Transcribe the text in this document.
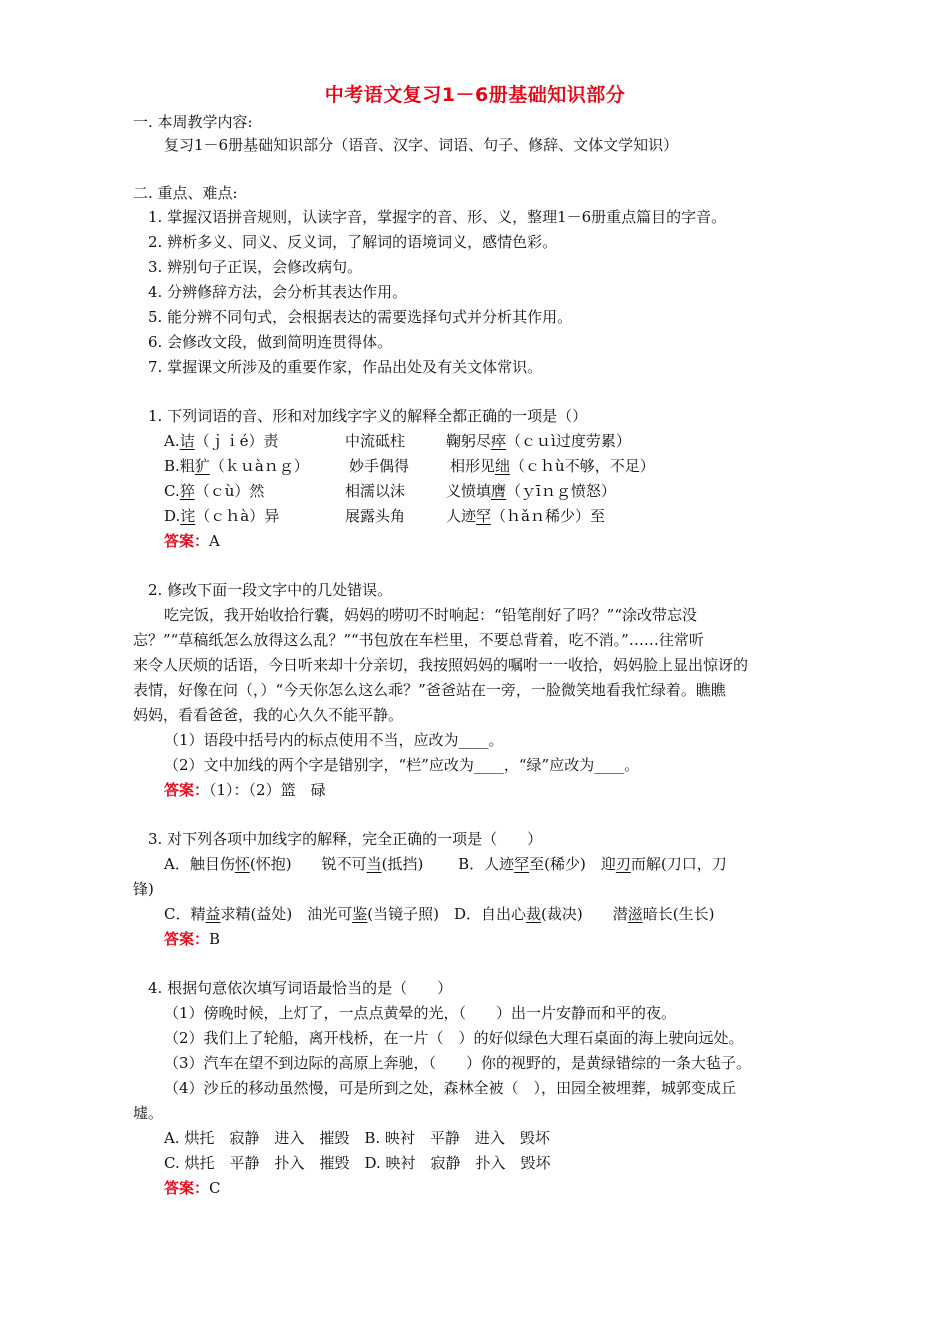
中考语文复习1－6册基础知识部分
一. 本周教学内容:
复习1－6册基础知识部分（语音、汉字、词语、句子、修辞、文体文学知识）
二. 重点、难点:
1. 掌握汉语拼音规则，认读字音，掌握字的音、形、义，整理1－6册重点篇目的字音。
2. 辨析多义、同义、反义词，了解词的语境词义，感情色彩。
3. 辨别句子正误，会修改病句。
4. 分辨修辞方法，会分析其表达作用。
5. 能分辨不同句式，会根据表达的需要选择句式并分析其作用。
6. 会修改文段，做到简明连贯得体。
7. 掌握课文所涉及的重要作家，作品出处及有关文体常识。
1. 下列词语的音、形和对加线字字义的解释全都正确的一项是（）
A.诘（ｊｉé）责	中流砥柱	鞠躬尽瘁（ｃｕì过度劳累）
B.粗犷（ｋｕàｎｇ）	妙手偶得	相形见绌（ｃｈù不够，不足）
C.猝（ｃù）然	相濡以沫	义愤填膺（ｙīｎｇ愤怒）
D.诧（ｃｈà）异	展露头角	人迹罕（ｈǎｎ稀少）至
答案：A
2. 修改下面一段文字中的几处错误。
吃完饭，我开始收拾行囊，妈妈的唠叨不时响起：“铅笔削好了吗？”“涂改带忘没
忘？”“草稿纸怎么放得这么乱？”“书包放在车栏里，不要总背着，吃不消。”……往常听
来令人厌烦的话语，今日听来却十分亲切，我按照妈妈的嘱咐一一收拾，妈妈脸上显出惊讶的
表情，好像在问（，）“今天你怎么这么乖？”爸爸站在一旁，一脸微笑地看我忙绿着。瞧瞧
妈妈，看看爸爸，我的心久久不能平静。
（1）语段中括号内的标点使用不当，应改为____。
（2）文中加线的两个字是错别字，“栏”应改为____，“绿”应改为____。
答案：（1）：（2）篮　碌
3. 对下列各项中加线字的解释，完全正确的一项是（　　）
A．触目伤怀(怀抱)　　锐不可当(抵挡)　　 B．人迹罕至(稀少)　迎刃而解(刀口，刀
锋)
C．精益求精(益处)　油光可鉴(当镜子照)　D．自出心裁(裁决)　　潜滋暗长(生长)
答案：B
4. 根据句意依次填写词语最恰当的是（　　）
（1）傍晚时候，上灯了，一点点黄晕的光，（　　）出一片安静而和平的夜。
（2）我们上了轮船，离开栈桥，在一片（　）的好似绿色大理石桌面的海上驶向远处。
（3）汽车在望不到边际的高原上奔驰，（　　）你的视野的，是黄绿错综的一条大毡子。
（4）沙丘的移动虽然慢，可是所到之处，森林全被（　），田园全被埋葬，城郭变成丘
墟。
A. 烘托　寂静　进入　摧毁　B. 映衬　平静　进入　毁坏
C. 烘托　平静　扑入　摧毁　D. 映衬　寂静　扑入　毁坏
答案：C
